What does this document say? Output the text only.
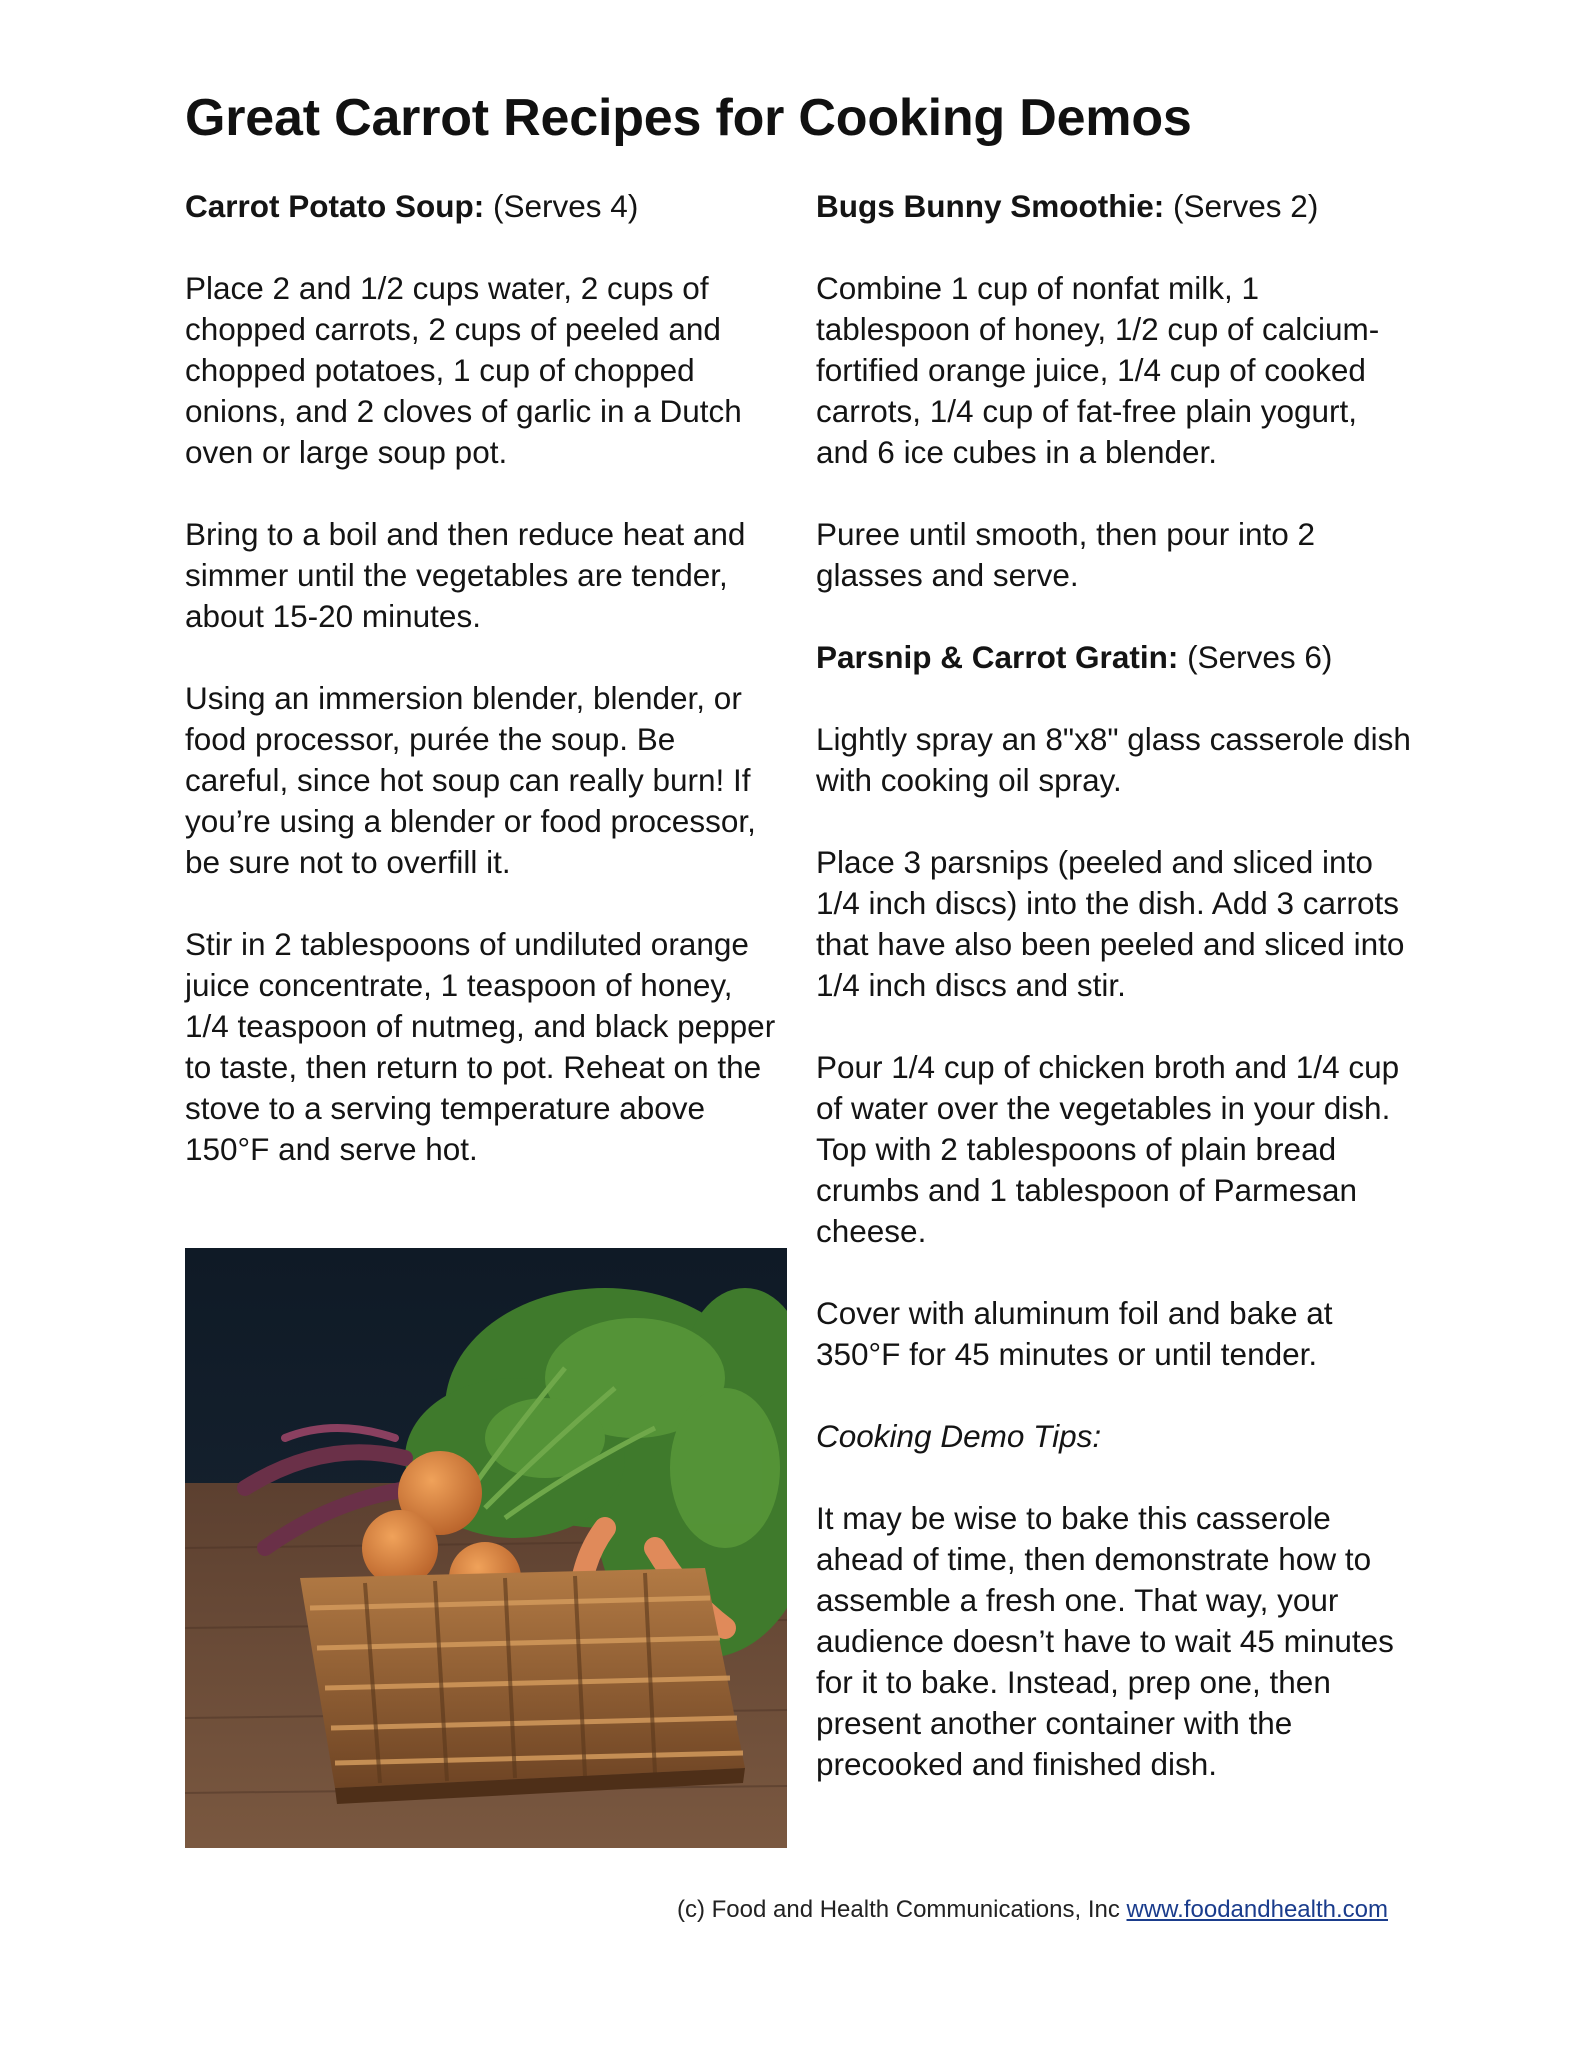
Great Carrot Recipes for Cooking Demos

Carrot Potato Soup: (Serves 4)

Place 2 and 1/2 cups water, 2 cups of chopped carrots, 2 cups of peeled and chopped potatoes, 1 cup of chopped onions, and 2 cloves of garlic in a Dutch oven or large soup pot.

Bring to a boil and then reduce heat and simmer until the vegetables are tender, about 15-20 minutes.

Using an immersion blender, blender, or food processor, purée the soup. Be careful, since hot soup can really burn! If you’re using a blender or food processor, be sure not to overfill it.

Stir in 2 tablespoons of undiluted orange juice concentrate, 1 teaspoon of honey, 1/4 teaspoon of nutmeg, and black pepper to taste, then return to pot. Reheat on the stove to a serving temperature above 150°F and serve hot.

Bugs Bunny Smoothie: (Serves 2)

Combine 1 cup of nonfat milk, 1 tablespoon of honey, 1/2 cup of calcium-fortified orange juice, 1/4 cup of cooked carrots, 1/4 cup of fat-free plain yogurt, and 6 ice cubes in a blender.

Puree until smooth, then pour into 2 glasses and serve.

Parsnip & Carrot Gratin: (Serves 6)

Lightly spray an 8"x8" glass casserole dish with cooking oil spray.

Place 3 parsnips (peeled and sliced into 1/4 inch discs) into the dish. Add 3 carrots that have also been peeled and sliced into 1/4 inch discs and stir.

Pour 1/4 cup of chicken broth and 1/4 cup of water over the vegetables in your dish. Top with 2 tablespoons of plain bread crumbs and 1 tablespoon of Parmesan cheese.

Cover with aluminum foil and bake at 350°F for 45 minutes or until tender.

Cooking Demo Tips:

It may be wise to bake this casserole ahead of time, then demonstrate how to assemble a fresh one. That way, your audience doesn’t have to wait 45 minutes for it to bake. Instead, prep one, then present another container with the precooked and finished dish.

(c) Food and Health Communications, Inc www.foodandhealth.com
